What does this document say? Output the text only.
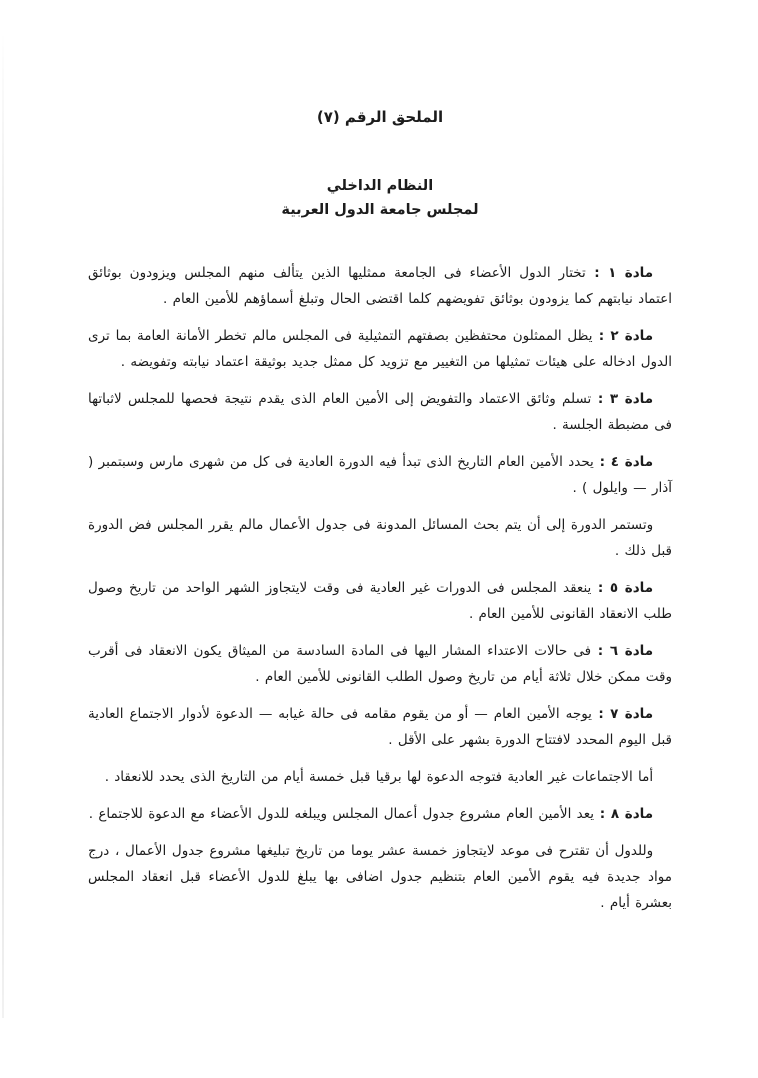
الملحق الرقم (٧)
النظام الداخلي
لمجلس جامعة الدول العربية

مادة ١ : تختار الدول الأعضاء فى الجامعة ممثليها الذين يتألف منهم المجلس ويزودون بوثائق اعتماد نيابتهم كما يزودون بوثائق تفويضهم كلما اقتضى الحال وتبلغ أسماؤهم للأمين العام .

مادة ٢ : يظل الممثلون محتفظين بصفتهم التمثيلية فى المجلس مالم تخطر الأمانة العامة بما ترى الدول ادخاله على هيئات تمثيلها من التغيير مع تزويد كل ممثل جديد بوثيقة اعتماد نيابته وتفويضه .

مادة ٣ : تسلم وثائق الاعتماد والتفويض إلى الأمين العام الذى يقدم نتيجة فحصها للمجلس لاثباتها فى مضبطة الجلسة .

مادة ٤ : يحدد الأمين العام التاريخ الذى تبدأ فيه الدورة العادية فى كل من شهرى مارس وسبتمبر ( آذار — وايلول ) .

وتستمر الدورة إلى أن يتم بحث المسائل المدونة فى جدول الأعمال مالم يقرر المجلس فض الدورة قبل ذلك .

مادة ٥ : ينعقد المجلس فى الدورات غير العادية فى وقت لايتجاوز الشهر الواحد من تاريخ وصول طلب الانعقاد القانونى للأمين العام .

مادة ٦ : فى حالات الاعتداء المشار اليها فى المادة السادسة من الميثاق يكون الانعقاد فى أقرب وقت ممكن خلال ثلاثة أيام من تاريخ وصول الطلب القانونى للأمين العام .

مادة ٧ : يوجه الأمين العام — أو من يقوم مقامه فى حالة غيابه — الدعوة لأدوار الاجتماع العادية قبل اليوم المحدد لافتتاح الدورة بشهر على الأقل .

أما الاجتماعات غير العادية فتوجه الدعوة لها برقيا قبل خمسة أيام من التاريخ الذى يحدد للانعقاد .

مادة ٨ : يعد الأمين العام مشروع جدول أعمال المجلس ويبلغه للدول الأعضاء مع الدعوة للاجتماع .

وللدول أن تقترح فى موعد لايتجاوز خمسة عشر يوما من تاريخ تبليغها مشروع جدول الأعمال ، درج مواد جديدة فيه يقوم الأمين العام بتنظيم جدول اضافى بها يبلغ للدول الأعضاء قبل انعقاد المجلس بعشرة أيام .
